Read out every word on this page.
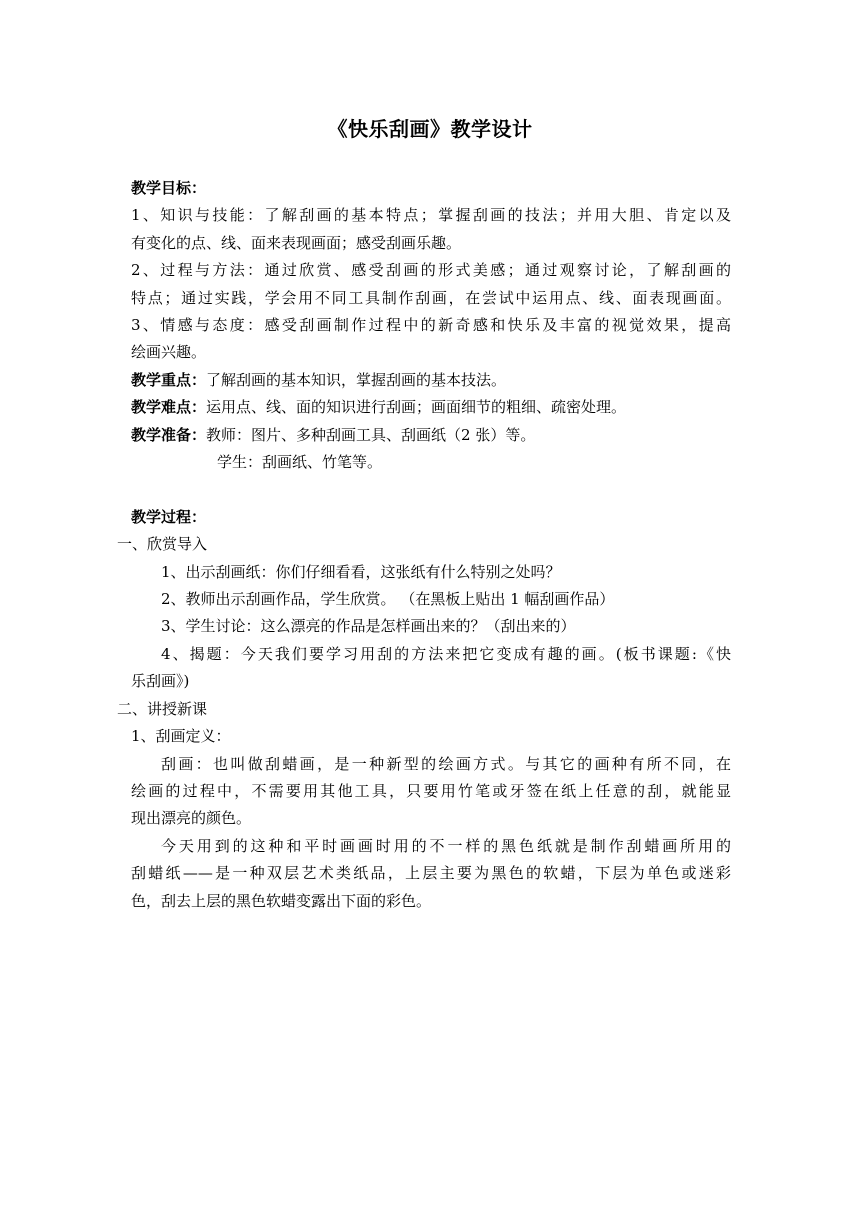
《快乐刮画》教学设计

教学目标：

1、知识与技能：了解刮画的基本特点；掌握刮画的技法；并用大胆、肯定以及

有变化的点、线、面来表现画面；感受刮画乐趣。

2、过程与方法：通过欣赏、感受刮画的形式美感；通过观察讨论，了解刮画的

特点；通过实践，学会用不同工具制作刮画，在尝试中运用点、线、面表现画面。

3、情感与态度：感受刮画制作过程中的新奇感和快乐及丰富的视觉效果，提高

绘画兴趣。

教学重点：了解刮画的基本知识，掌握刮画的基本技法。

教学难点：运用点、线、面的知识进行刮画；画面细节的粗细、疏密处理。

教学准备：教师：图片、多种刮画工具、刮画纸（2 张）等。

学生：刮画纸、竹笔等。

教学过程：

一、欣赏导入

1、出示刮画纸：你们仔细看看，这张纸有什么特别之处吗？

2、教师出示刮画作品，学生欣赏。 （在黑板上贴出 1 幅刮画作品）

3、学生讨论：这么漂亮的作品是怎样画出来的？（刮出来的）

4、揭题：今天我们要学习用刮的方法来把它变成有趣的画。(板书课题:《快

乐刮画》)

二、讲授新课

1、刮画定义：

刮画：也叫做刮蜡画，是一种新型的绘画方式。与其它的画种有所不同，在

绘画的过程中，不需要用其他工具，只要用竹笔或牙签在纸上任意的刮，就能显

现出漂亮的颜色。

今天用到的这种和平时画画时用的不一样的黑色纸就是制作刮蜡画所用的

刮蜡纸——是一种双层艺术类纸品，上层主要为黑色的软蜡，下层为单色或迷彩

色，刮去上层的黑色软蜡变露出下面的彩色。
